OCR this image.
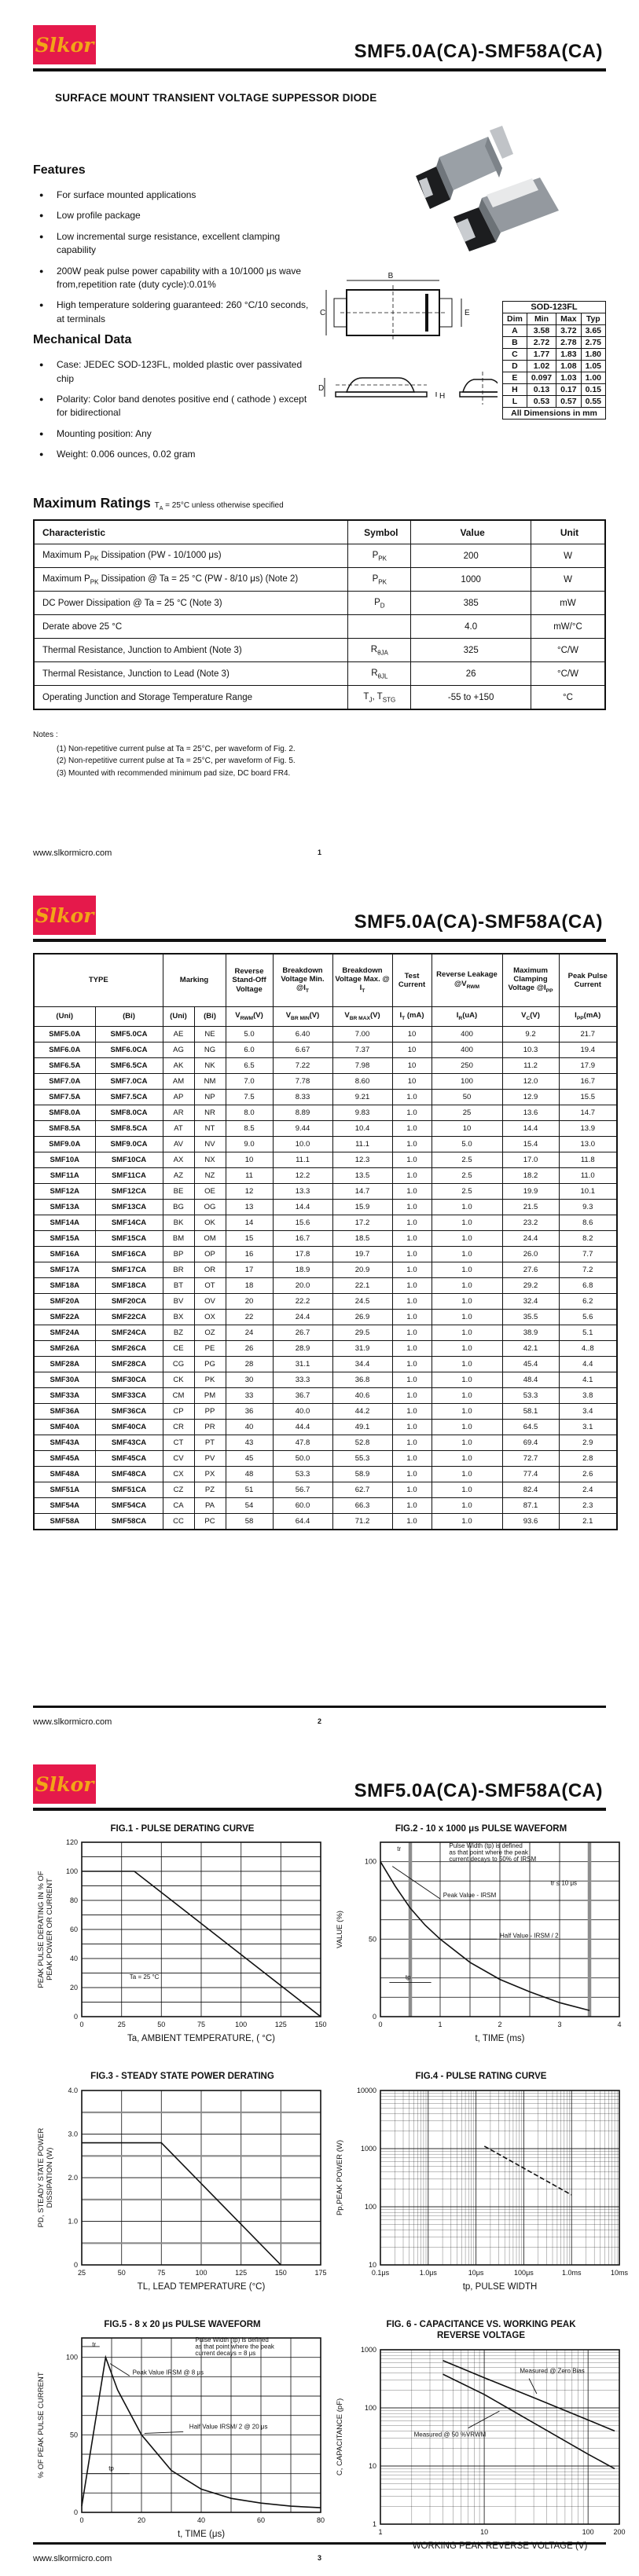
Slkor	SMF5.0A(CA)-SMF58A(CA)
SURFACE MOUNT TRANSIENT VOLTAGE SUPPESSOR DIODE
Features
●	For surface mounted applications
●	Low profile package
●	Low incremental surge resistance, excellent clamping capability
●	200W peak pulse power capability with a 10/1000 μs wave from,repetition rate (duty cycle):0.01%
●	High temperature soldering guaranteed: 260 °C/10 seconds, at terminals
Mechanical Data
●	Case: JEDEC SOD-123FL, molded plastic over passivated chip
●	Polarity: Color band denotes positive end ( cathode ) except for bidirectional
●	Mounting position: Any
●	Weight: 0.006 ounces, 0.02 gram
B
C	E
D
H
SOD-123FL			
Dim	Min	Max	Typ
A	3.58	3.72	3.65
B	2.72	2.78	2.75
C	1.77	1.83	1.80
D	1.02	1.08	1.05
E	0.097	1.03	1.00
H	0.13	0.17	0.15
L	0.53	0.57	0.55
All Dimensions in mm			
Maximum Ratings $T_A = 25^\circ C$ unless otherwise specified
Characteristic	Symbol	Value	Unit
Maximum $P_{PK}$ Dissipation (PW - 10/1000 μs)	$P_{PK}$	200	W
Maximum $P_{PK}$ Dissipation @ Ta = 25 °C (PW - 8/10 μs) (Note 2)	$P_{PK}$	1000	W
DC Power Dissipation @ Ta = 25 °C (Note 3)	$P_D$	385	mW
Derate above 25 °C		4.0	mW/°C
Thermal Resistance, Junction to Ambient (Note 3)	$R_{\theta JA}$	325	°C/W
Thermal Resistance, Junction to Lead (Note 3)	$R_{\theta JL}$	26	°C/W
Operating Junction and Storage Temperature Range	$T_J$, $T_{STG}$	-55 to +150	°C
Notes :
(1) Non-repetitive current pulse at Ta = 25°C, per waveform of Fig. 2.
(2) Non-repetitive current pulse at Ta = 25°C, per waveform of Fig. 5.
(3) Mounted with recommended minimum pad size, DC board FR4.
www.slkormicro.com	1
Slkor	SMF5.0A(CA)-SMF58A(CA)
TYPE		Marking		Reverse Stand-Off Voltage	Breakdown Voltage Min. $@I_T$	Breakdown Voltage Max. @ $I_T$	Test Current	Reverse Leakage $@V_{RWM}$	Maximum Clamping Voltage $@I_{PP}$	Peak Pulse Current
(Uni)	(Bi)	(Uni)	(Bi)	$V_{RWM}(V)$	$V_{BR MIN}(V)$	$V_{BR MAX}(V)$	$I_T$ (mA)	$I_R(uA)$	$V_C(V)$	$I_{PP}(mA)$
SMF5.0A	SMF5.0CA	AE	NE	5.0	6.40	7.00	10	400	9.2	21.7
SMF6.0A	SMF6.0CA	AG	NG	6.0	6.67	7.37	10	400	10.3	19.4
SMF6.5A	SMF6.5CA	AK	NK	6.5	7.22	7.98	10	250	11.2	17.9
SMF7.0A	SMF7.0CA	AM	NM	7.0	7.78	8.60	10	100	12.0	16.7
SMF7.5A	SMF7.5CA	AP	NP	7.5	8.33	9.21	1.0	50	12.9	15.5
SMF8.0A	SMF8.0CA	AR	NR	8.0	8.89	9.83	1.0	25	13.6	14.7
SMF8.5A	SMF8.5CA	AT	NT	8.5	9.44	10.4	1.0	10	14.4	13.9
SMF9.0A	SMF9.0CA	AV	NV	9.0	10.0	11.1	1.0	5.0	15.4	13.0
SMF10A	SMF10CA	AX	NX	10	11.1	12.3	1.0	2.5	17.0	11.8
SMF11A	SMF11CA	AZ	NZ	11	12.2	13.5	1.0	2.5	18.2	11.0
SMF12A	SMF12CA	BE	OE	12	13.3	14.7	1.0	2.5	19.9	10.1
SMF13A	SMF13CA	BG	OG	13	14.4	15.9	1.0	1.0	21.5	9.3
SMF14A	SMF14CA	BK	OK	14	15.6	17.2	1.0	1.0	23.2	8.6
SMF15A	SMF15CA	BM	OM	15	16.7	18.5	1.0	1.0	24.4	8.2
SMF16A	SMF16CA	BP	OP	16	17.8	19.7	1.0	1.0	26.0	7.7
SMF17A	SMF17CA	BR	OR	17	18.9	20.9	1.0	1.0	27.6	7.2
SMF18A	SMF18CA	BT	OT	18	20.0	22.1	1.0	1.0	29.2	6.8
SMF20A	SMF20CA	BV	OV	20	22.2	24.5	1.0	1.0	32.4	6.2
SMF22A	SMF22CA	BX	OX	22	24.4	26.9	1.0	1.0	35.5	5.6
SMF24A	SMF24CA	BZ	OZ	24	26.7	29.5	1.0	1.0	38.9	5.1
SMF26A	SMF26CA	CE	PE	26	28.9	31.9	1.0	1.0	42.1	4..8
SMF28A	SMF28CA	CG	PG	28	31.1	34.4	1.0	1.0	45.4	4.4
SMF30A	SMF30CA	CK	PK	30	33.3	36.8	1.0	1.0	48.4	4.1
SMF33A	SMF33CA	CM	PM	33	36.7	40.6	1.0	1.0	53.3	3.8
SMF36A	SMF36CA	CP	PP	36	40.0	44.2	1.0	1.0	58.1	3.4
SMF40A	SMF40CA	CR	PR	40	44.4	49.1	1.0	1.0	64.5	3.1
SMF43A	SMF43CA	CT	PT	43	47.8	52.8	1.0	1.0	69.4	2.9
SMF45A	SMF45CA	CV	PV	45	50.0	55.3	1.0	1.0	72.7	2.8
SMF48A	SMF48CA	CX	PX	48	53.3	58.9	1.0	1.0	77.4	2.6
SMF51A	SMF51CA	CZ	PZ	51	56.7	62.7	1.0	1.0	82.4	2.4
SMF54A	SMF54CA	CA	PA	54	60.0	66.3	1.0	1.0	87.1	2.3
SMF58A	SMF58CA	CC	PC	58	64.4	71.2	1.0	1.0	93.6	2.1
www.slkormicro.com	2
Slkor	SMF5.0A(CA)-SMF58A(CA)
FIG.1 - PULSE DERATING CURVE
0	25	50	75	100	125	150
0
20
40
60
80
100
120
Ta, AMBIENT TEMPERATURE, ( °C)
PEAK PULSE DERATING IN % OF PEAK POWER OR CURRENT	Ta = 25 °C
FIG.2 - 10 x 1000 μs PULSE WAVEFORM
0	1	2	3	4
0
50
100
t, TIME (ms)
VALUE (%)
Pulse Width (tp) is defined as that point where the peak current decays to 50% of IRSM
tr ≤ 10 μs
Peak Value - IRSM
Half Value - IRSM / 2
tr
tp
FIG.3 - STEADY STATE POWER DERATING
25	50	75	100	125	150	175
0
1.0
2.0
3.0
4.0
TL, LEAD TEMPERATURE (°C)
PD, STEADY STATE POWER DISSIPATION (W)
FIG.4 - PULSE RATING CURVE
0.1μs	1.0μs	10μs	100μs	1.0ms	10ms
10
100
1000
10000
tp, PULSE WIDTH
Pp,PEAK POWER (W)
FIG.5 - 8 x 20 μs PULSE WAVEFORM
0	20	40	60	80
0
50
100
t, TIME (μs)
% OF PEAK PULSE CURRENT
Pulse Width (tp) is defined as that point where the peak current decays = 8 μs
Peak Value IRSM @ 8 μs
Half Value IRSM/ 2 @ 20 μs
tr
tp
FIG. 6 - CAPACITANCE VS. WORKING PEAK
REVERSE VOLTAGE
1	10	100	200
1
10
100
1000
WORKING PEAK REVERSE VOLTAGE (V)
C, CAPACITANCE (pF)
Measured @ Zero Bias
Measured @ 50 %VRWM
www.slkormicro.com	3
